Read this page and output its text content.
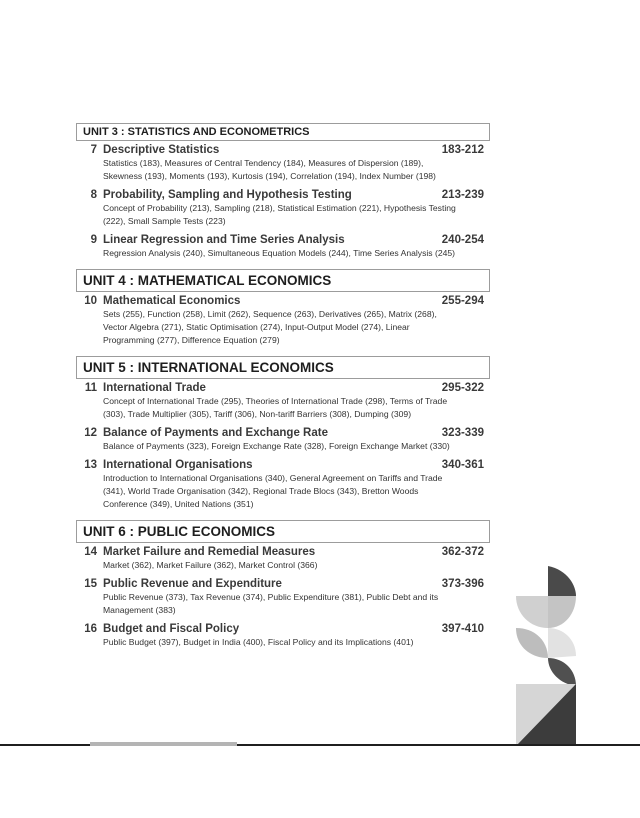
UNIT 3 : STATISTICS AND ECONOMETRICS
7 Descriptive Statistics	183-212
Statistics (183), Measures of Central Tendency (184), Measures of Dispersion (189), Skewness (193), Moments (193), Kurtosis (194), Correlation (194), Index Number (198)
8 Probability, Sampling and Hypothesis Testing	213-239
Concept of Probability (213), Sampling (218), Statistical Estimation (221), Hypothesis Testing (222), Small Sample Tests (223)
9 Linear Regression and Time Series Analysis	240-254
Regression Analysis (240), Simultaneous Equation Models (244), Time Series Analysis (245)
UNIT 4 : MATHEMATICAL ECONOMICS
10 Mathematical Economics	255-294
Sets (255), Function (258), Limit (262), Sequence (263), Derivatives (265), Matrix (268), Vector Algebra (271), Static Optimisation (274), Input-Output Model (274), Linear Programming (277), Difference Equation (279)
UNIT 5 : INTERNATIONAL ECONOMICS
11 International Trade	295-322
Concept of International Trade (295), Theories of International Trade (298), Terms of Trade (303), Trade Multiplier (305), Tariff (306), Non-tariff Barriers (308), Dumping (309)
12 Balance of Payments and Exchange Rate	323-339
Balance of Payments (323), Foreign Exchange Rate (328), Foreign Exchange Market (330)
13 International Organisations	340-361
Introduction to International Organisations (340), General Agreement on Tariffs and Trade (341), World Trade Organisation (342), Regional Trade Blocs (343), Bretton Woods Conference (349), United Nations (351)
UNIT 6 : PUBLIC ECONOMICS
14 Market Failure and Remedial Measures	362-372
Market (362), Market Failure (362), Market Control (366)
15 Public Revenue and Expenditure	373-396
Public Revenue (373), Tax Revenue (374), Public Expenditure (381), Public Debt and its Management (383)
16 Budget and Fiscal Policy	397-410
Public Budget (397), Budget in India (400), Fiscal Policy and its Implications (401)
